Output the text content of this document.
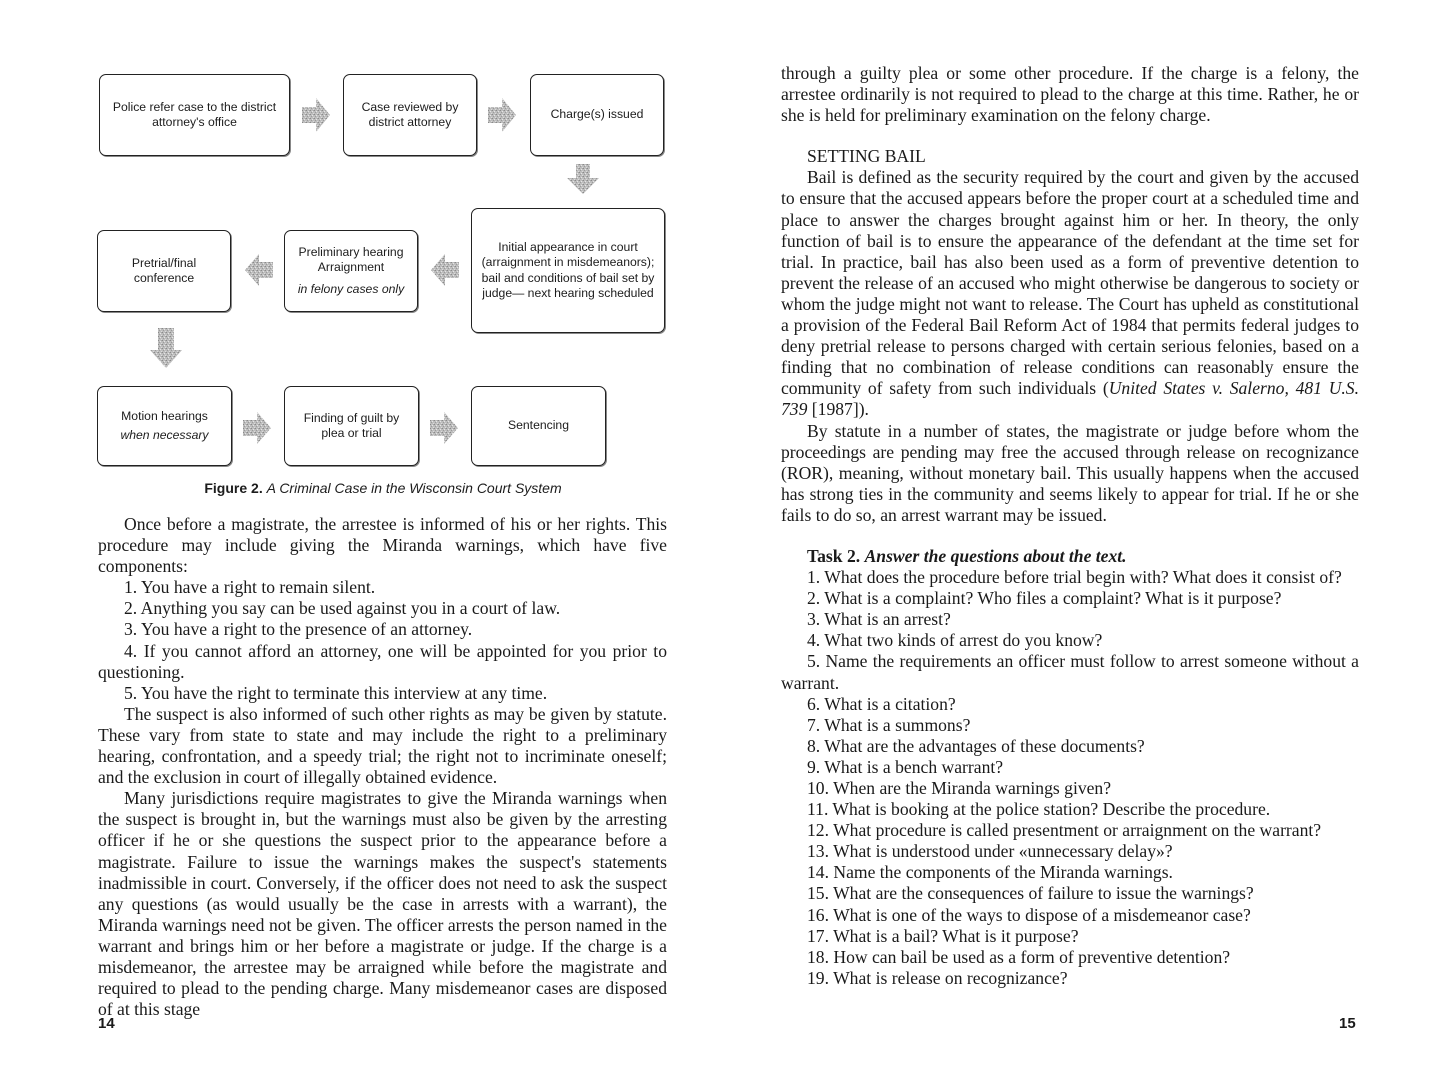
Police refer case to the district attorney's office
Case reviewed by district attorney
Charge(s) issued
Initial appearance in court (arraignment in misdemeanors); bail and conditions of bail set by judge— next hearing scheduled
Preliminary hearing Arraignment
in felony cases only
Pretrial/final conference
Motion hearings
when necessary
Finding of guilt by plea or trial
Sentencing
Figure 2. A Criminal Case in the Wisconsin Court System

Once before a magistrate, the arrestee is informed of his or her rights. This procedure may include giving the Miranda warnings, which have five components:

1. You have a right to remain silent.

2. Anything you say can be used against you in a court of law.

3. You have a right to the presence of an attorney.

4. If you cannot afford an attorney, one will be appointed for you prior to questioning.

5. You have the right to terminate this interview at any time.

The suspect is also informed of such other rights as may be given by statute. These vary from state to state and may include the right to a preliminary hearing, confrontation, and a speedy trial; the right not to incriminate oneself; and the exclusion in court of illegally obtained evidence.

Many jurisdictions require magistrates to give the Miranda warnings when the suspect is brought in, but the warnings must also be given by the arresting officer if he or she questions the suspect prior to the appearance before a magistrate. Failure to issue the warnings makes the suspect's statements inadmissible in court. Conversely, if the officer does not need to ask the suspect any questions (as would usually be the case in arrests with a warrant), the Miranda warnings need not be given. The officer arrests the person named in the warrant and brings him or her before a magistrate or judge. If the charge is a misdemeanor, the arrestee may be arraigned while before the magistrate and required to plead to the pending charge. Many misdemeanor cases are disposed of at this stage

14

through a guilty plea or some other procedure. If the charge is a felony, the arrestee ordinarily is not required to plead to the charge at this time. Rather, he or she is held for preliminary examination on the felony charge.

SETTING BAIL

Bail is defined as the security required by the court and given by the accused to ensure that the accused appears before the proper court at a scheduled time and place to answer the charges brought against him or her. In theory, the only function of bail is to ensure the appearance of the defendant at the time set for trial. In practice, bail has also been used as a form of preventive detention to prevent the release of an accused who might otherwise be dangerous to society or whom the judge might not want to release. The Court has upheld as constitutional a provision of the Federal Bail Reform Act of 1984 that permits federal judges to deny pretrial release to persons charged with certain serious felonies, based on a finding that no combination of release conditions can reasonably ensure the community of safety from such individuals (United States v. Salerno, 481 U.S. 739 [1987]).

By statute in a number of states, the magistrate or judge before whom the proceedings are pending may free the accused through release on recognizance (ROR), meaning, without monetary bail. This usually happens when the accused has strong ties in the community and seems likely to appear for trial. If he or she fails to do so, an arrest warrant may be issued.

Task 2. Answer the questions about the text.

1. What does the procedure before trial begin with? What does it consist of?

2. What is a complaint? Who files a complaint? What is it purpose?

3. What is an arrest?

4. What two kinds of arrest do you know?

5. Name the requirements an officer must follow to arrest someone without a warrant.

6. What is a citation?

7. What is a summons?

8. What are the advantages of these documents?

9. What is a bench warrant?

10. When are the Miranda warnings given?

11. What is booking at the police station? Describe the procedure.

12. What procedure is called presentment or arraignment on the warrant?

13. What is understood under «unnecessary delay»?

14. Name the components of the Miranda warnings.

15. What are the consequences of failure to issue the warnings?

16. What is one of the ways to dispose of a misdemeanor case?

17. What is a bail? What is it purpose?

18. How can bail be used as a form of preventive detention?

19. What is release on recognizance?

15
